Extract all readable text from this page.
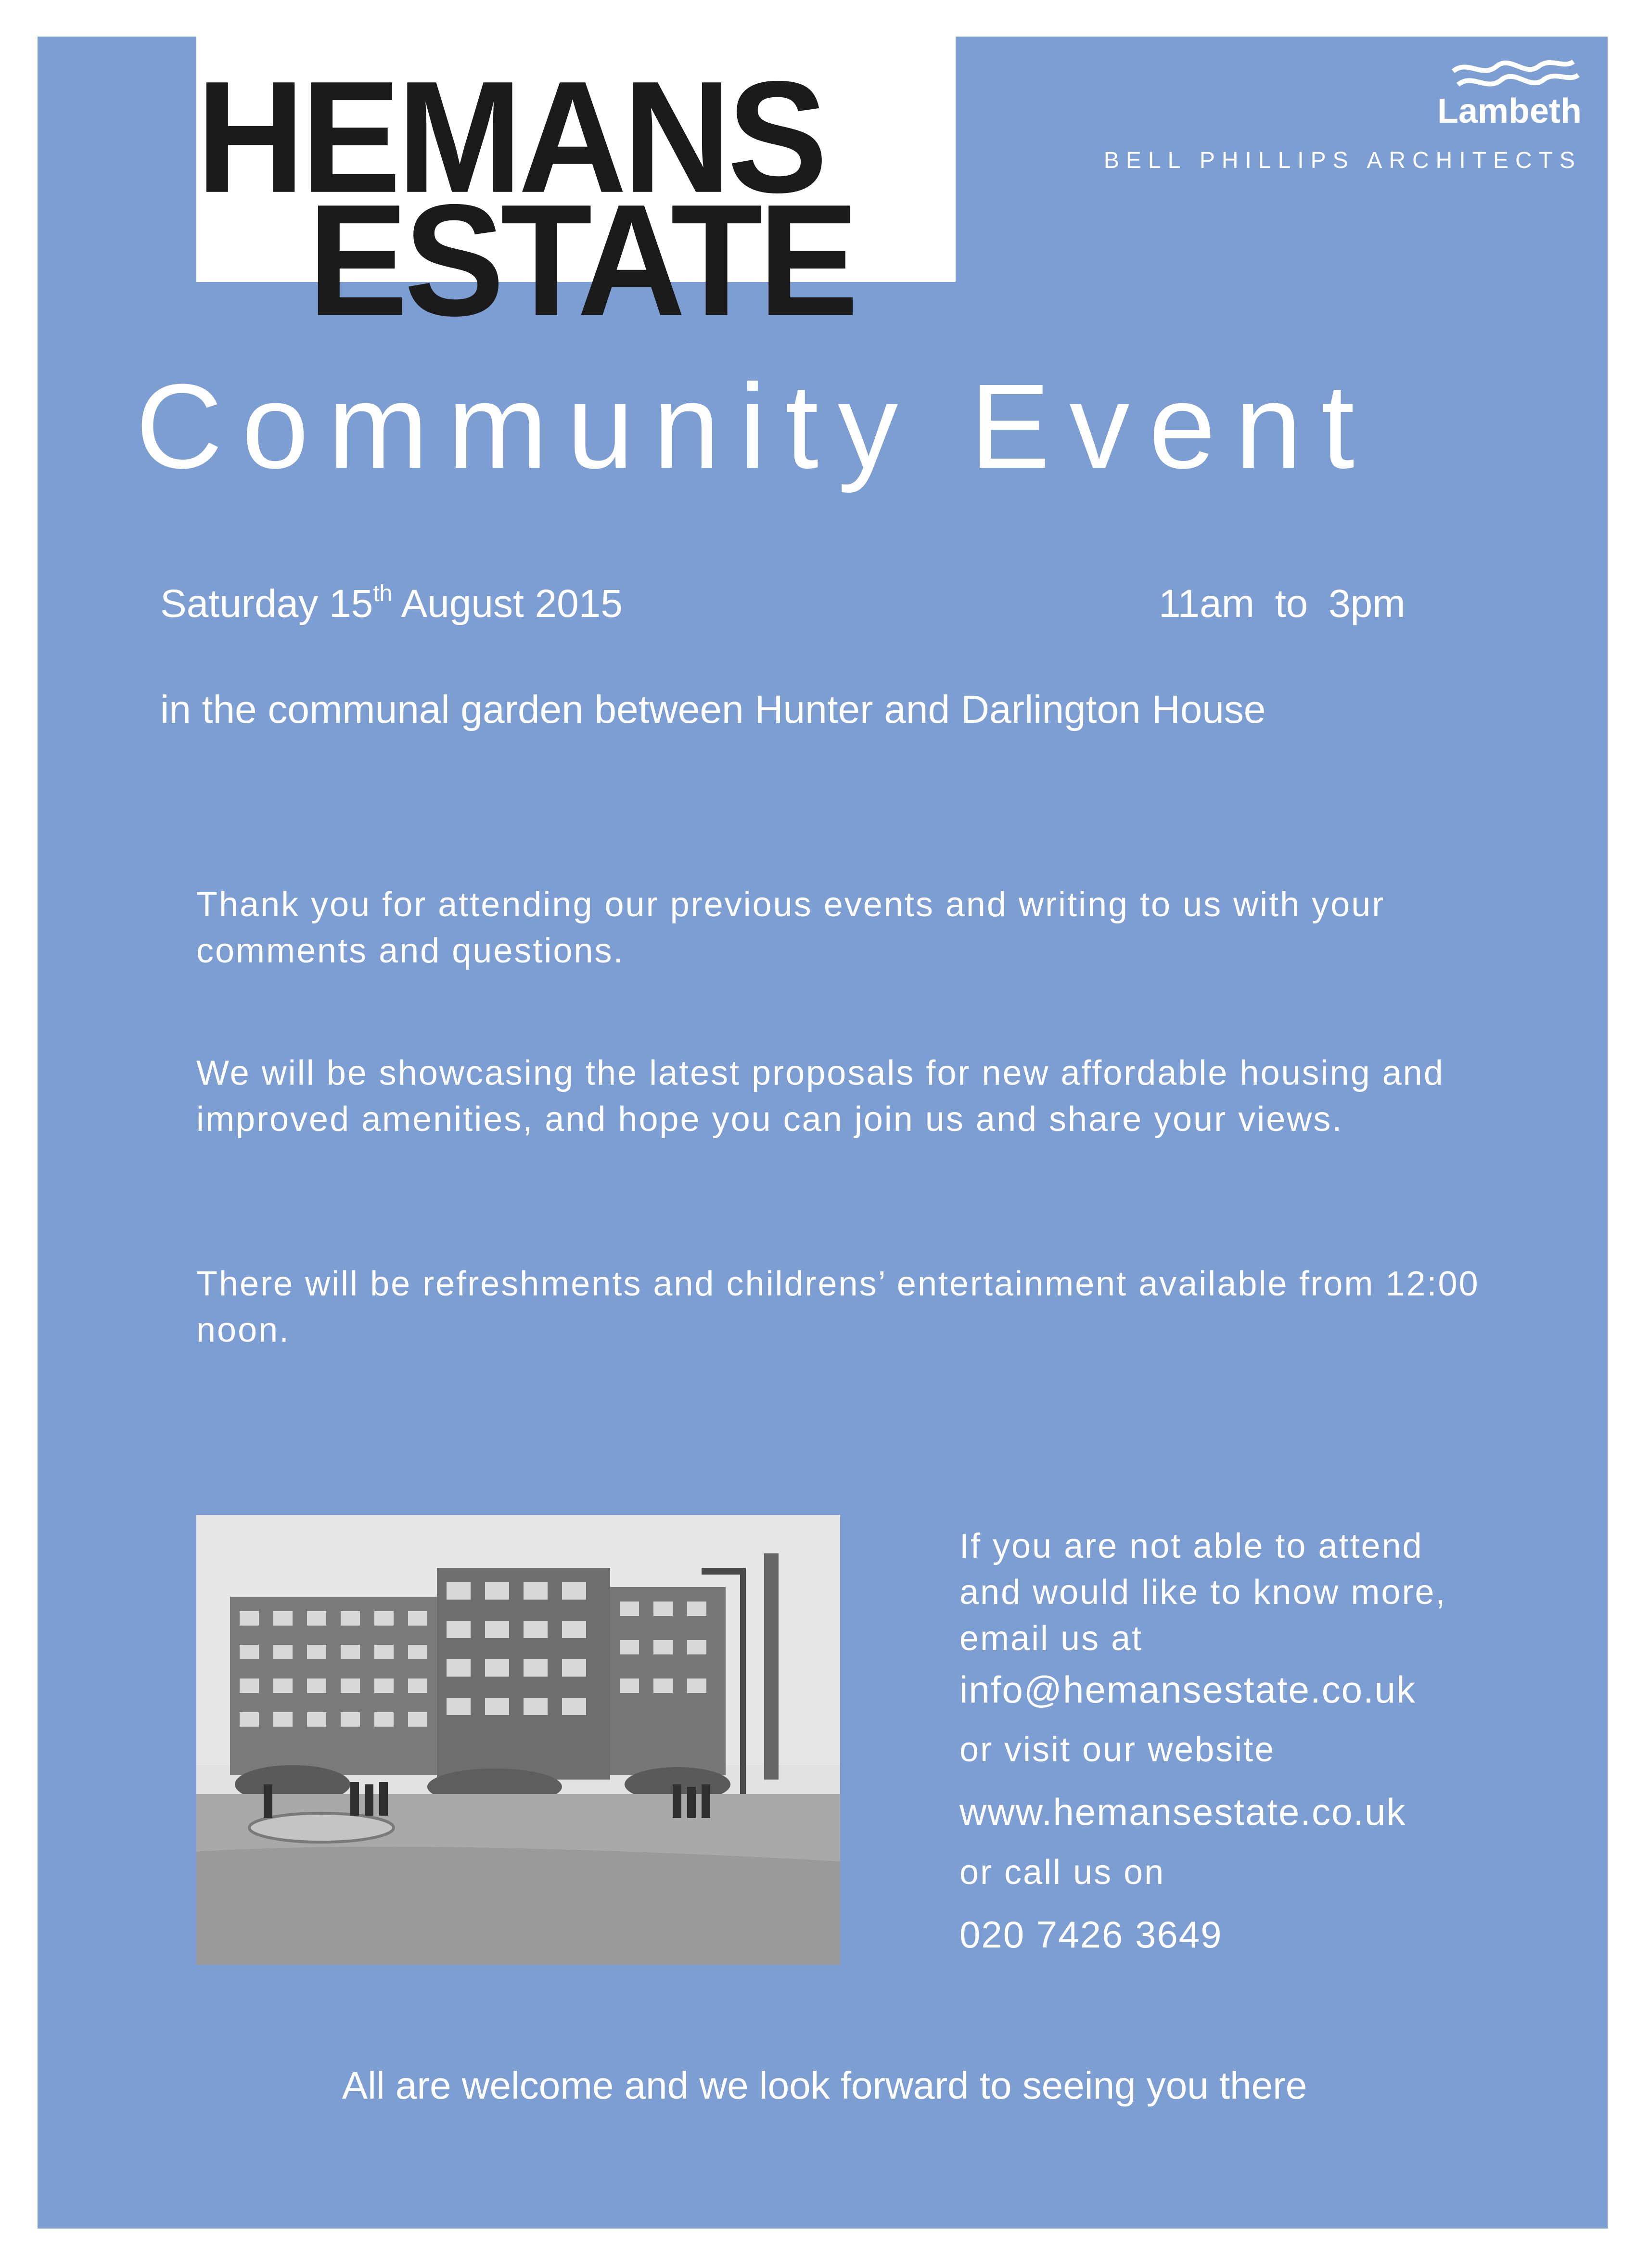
HEMANS
ESTATE
Lambeth
BELL PHILLIPS ARCHITECTS
Community Event
Saturday 15th August 2015	11am to 3pm
in the communal garden between Hunter and Darlington House
Thank you for attending our previous events and writing to us with your comments and questions.
We will be showcasing the latest proposals for new affordable housing and improved amenities, and hope you can join us and share your views.
There will be refreshments and childrens’ entertainment available from 12:00 noon.
If you are not able to attend and would like to know more, email us at
info@hemansestate.co.uk
or visit our website
www.hemansestate.co.uk
or call us on
020 7426 3649
All are welcome and we look forward to seeing you there
